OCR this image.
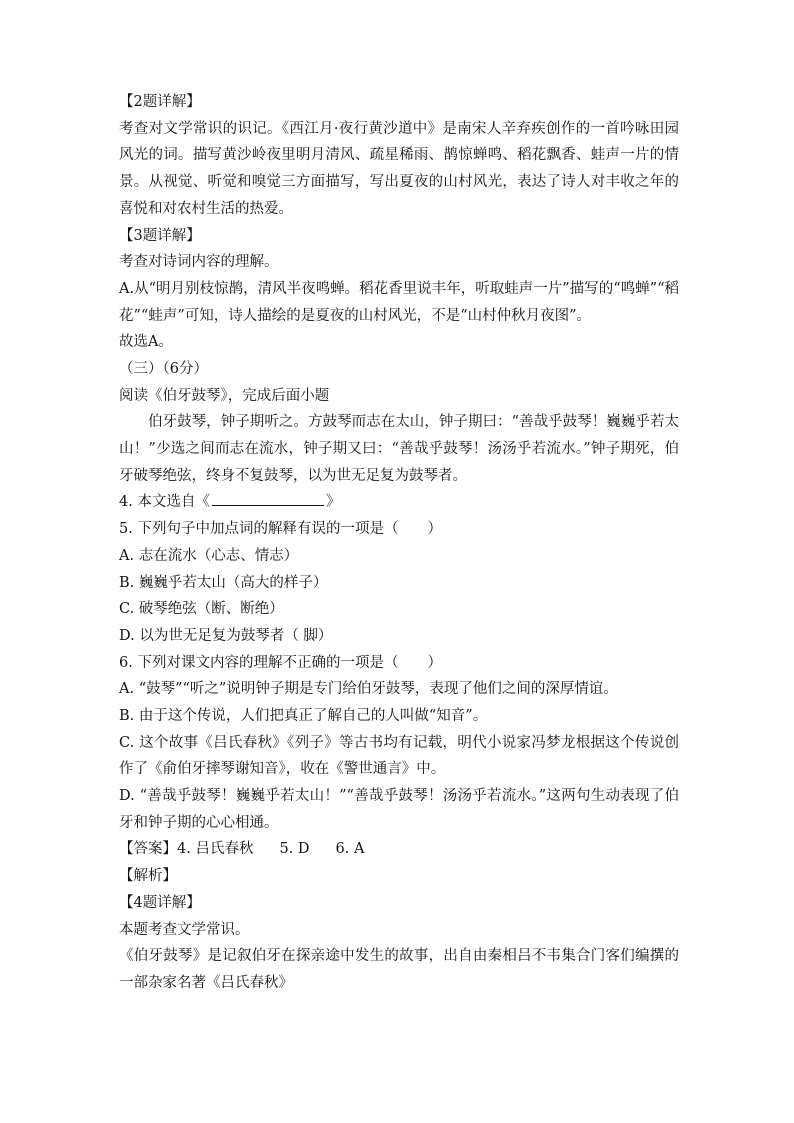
【2题详解】
考查对文学常识的识记。《西江月·夜行黄沙道中》是南宋人辛弃疾创作的一首吟咏田园风光的词。描写黄沙岭夜里明月清风、疏星稀雨、鹊惊蝉鸣、稻花飘香、蛙声一片的情景。从视觉、听觉和嗅觉三方面描写，写出夏夜的山村风光，表达了诗人对丰收之年的喜悦和对农村生活的热爱。
【3题详解】
考查对诗词内容的理解。
A.从“明月别枝惊鹊，清风半夜鸣蝉。稻花香里说丰年，听取蛙声一片”描写的“鸣蝉”“稻花”“蛙声”可知，诗人描绘的是夏夜的山村风光，不是“山村仲秋月夜图”。
故选A。
（三）（6分）
阅读《伯牙鼓琴》，完成后面小题
伯牙鼓琴，钟子期听之。方鼓琴而志在太山，钟子期曰：“善哉乎鼓琴！巍巍乎若太山！”少选之间而志在流水，钟子期又曰：“善哉乎鼓琴！汤汤乎若流水。”钟子期死，伯牙破琴绝弦，终身不复鼓琴，以为世无足复为鼓琴者。
4. 本文选自《	》
5. 下列句子中加点词的解释有误的一项是（　　）
A. 志在流水（心志、情志）
B. 巍巍乎若太山（高大的样子）
C. 破琴绝弦（断、断绝）
D. 以为世无足复为鼓琴者（ 脚）
6. 下列对课文内容的理解不正确的一项是（　　）
A. “鼓琴”“听之”说明钟子期是专门给伯牙鼓琴，表现了他们之间的深厚情谊。
B. 由于这个传说，人们把真正了解自己的人叫做“知音”。
C. 这个故事《吕氏春秋》《列子》等古书均有记载，明代小说家冯梦龙根据这个传说创作了《俞伯牙摔琴谢知音》，收在《警世通言》中。
D. “善哉乎鼓琴！巍巍乎若太山！”“善哉乎鼓琴！汤汤乎若流水。”这两句生动表现了伯牙和钟子期的心心相通。
【答案】4. 吕氏春秋 5. D 6. A
【解析】
【4题详解】
本题考查文学常识。
《伯牙鼓琴》是记叙伯牙在探亲途中发生的故事，出自由秦相吕不韦集合门客们编撰的一部杂家名著《吕氏春秋》
